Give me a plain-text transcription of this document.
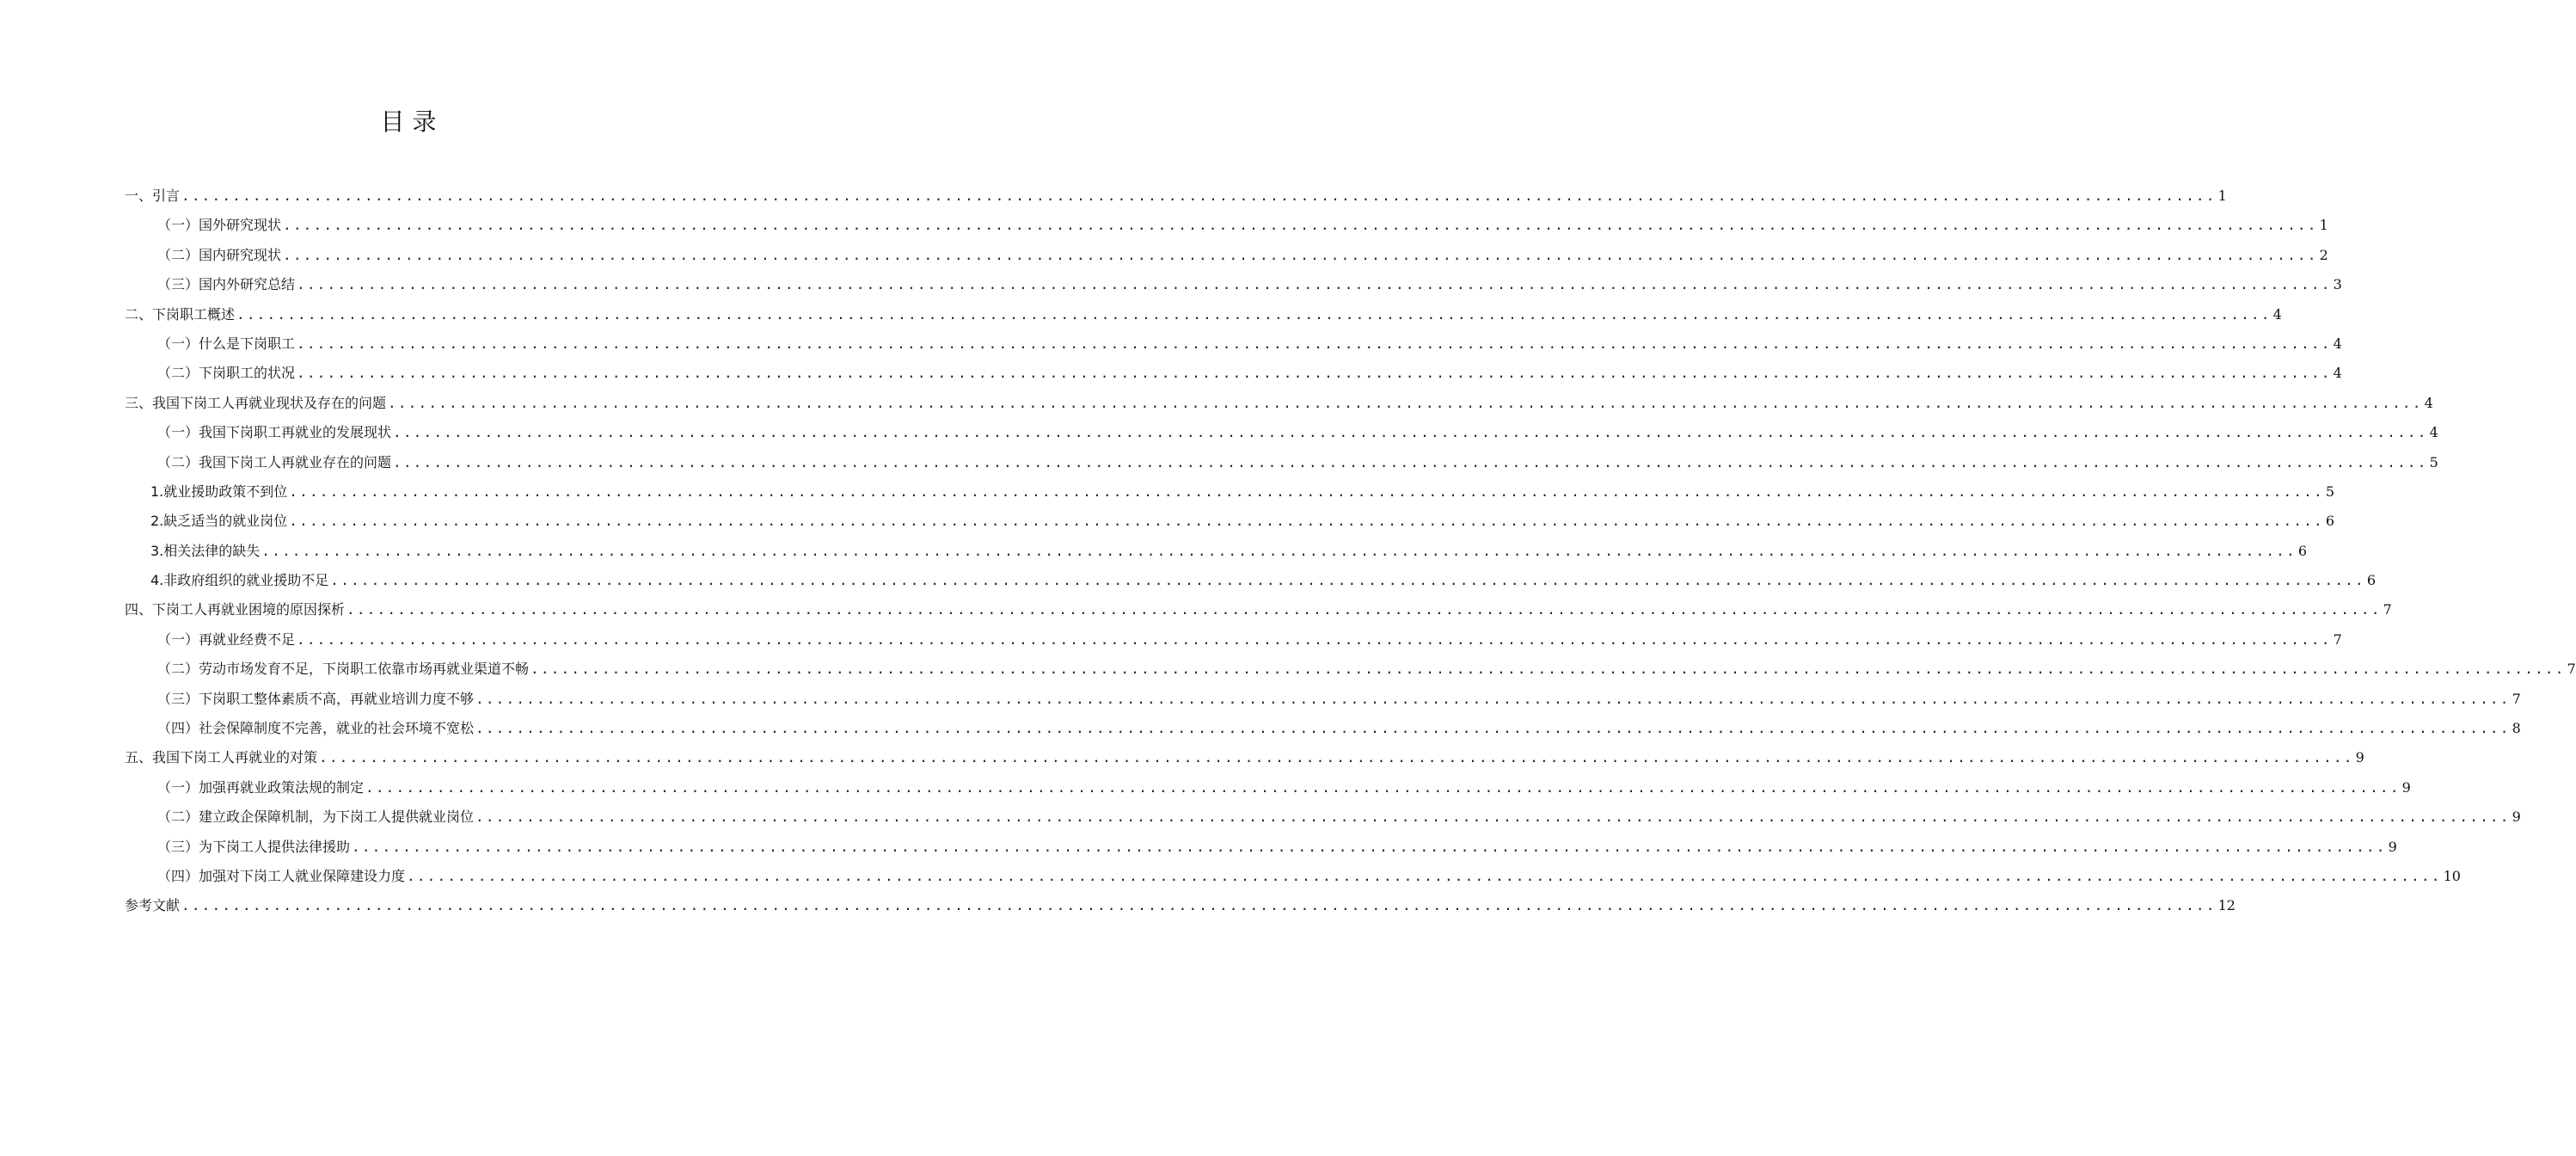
目 录
一、引言 ........................................................................................................................................................................................................ 1
（一）国外研究现状 ........................................................................................................................................................................................................ 1
（二）国内研究现状 ........................................................................................................................................................................................................ 2
（三）国内外研究总结 ........................................................................................................................................................................................................ 3
二、下岗职工概述 ........................................................................................................................................................................................................ 4
（一）什么是下岗职工 ........................................................................................................................................................................................................ 4
（二）下岗职工的状况 ........................................................................................................................................................................................................ 4
三、我国下岗工人再就业现状及存在的问题 ........................................................................................................................................................................................................ 4
（一）我国下岗职工再就业的发展现状 ........................................................................................................................................................................................................ 4
（二）我国下岗工人再就业存在的问题 ........................................................................................................................................................................................................ 5
1.就业援助政策不到位 ........................................................................................................................................................................................................ 5
2.缺乏适当的就业岗位 ........................................................................................................................................................................................................ 6
3.相关法律的缺失 ........................................................................................................................................................................................................ 6
4.非政府组织的就业援助不足 ........................................................................................................................................................................................................ 6
四、下岗工人再就业困境的原因探析 ........................................................................................................................................................................................................ 7
（一）再就业经费不足 ........................................................................................................................................................................................................ 7
（二）劳动市场发育不足，下岗职工依靠市场再就业渠道不畅 ........................................................................................................................................................................................................ 7
（三）下岗职工整体素质不高，再就业培训力度不够 ........................................................................................................................................................................................................ 7
（四）社会保障制度不完善，就业的社会环境不宽松 ........................................................................................................................................................................................................ 8
五、我国下岗工人再就业的对策 ........................................................................................................................................................................................................ 9
（一）加强再就业政策法规的制定 ........................................................................................................................................................................................................ 9
（二）建立政企保障机制，为下岗工人提供就业岗位 ........................................................................................................................................................................................................ 9
（三）为下岗工人提供法律援助 ........................................................................................................................................................................................................ 9
（四）加强对下岗工人就业保障建设力度 ........................................................................................................................................................................................................ 10
参考文献 ........................................................................................................................................................................................................ 12
